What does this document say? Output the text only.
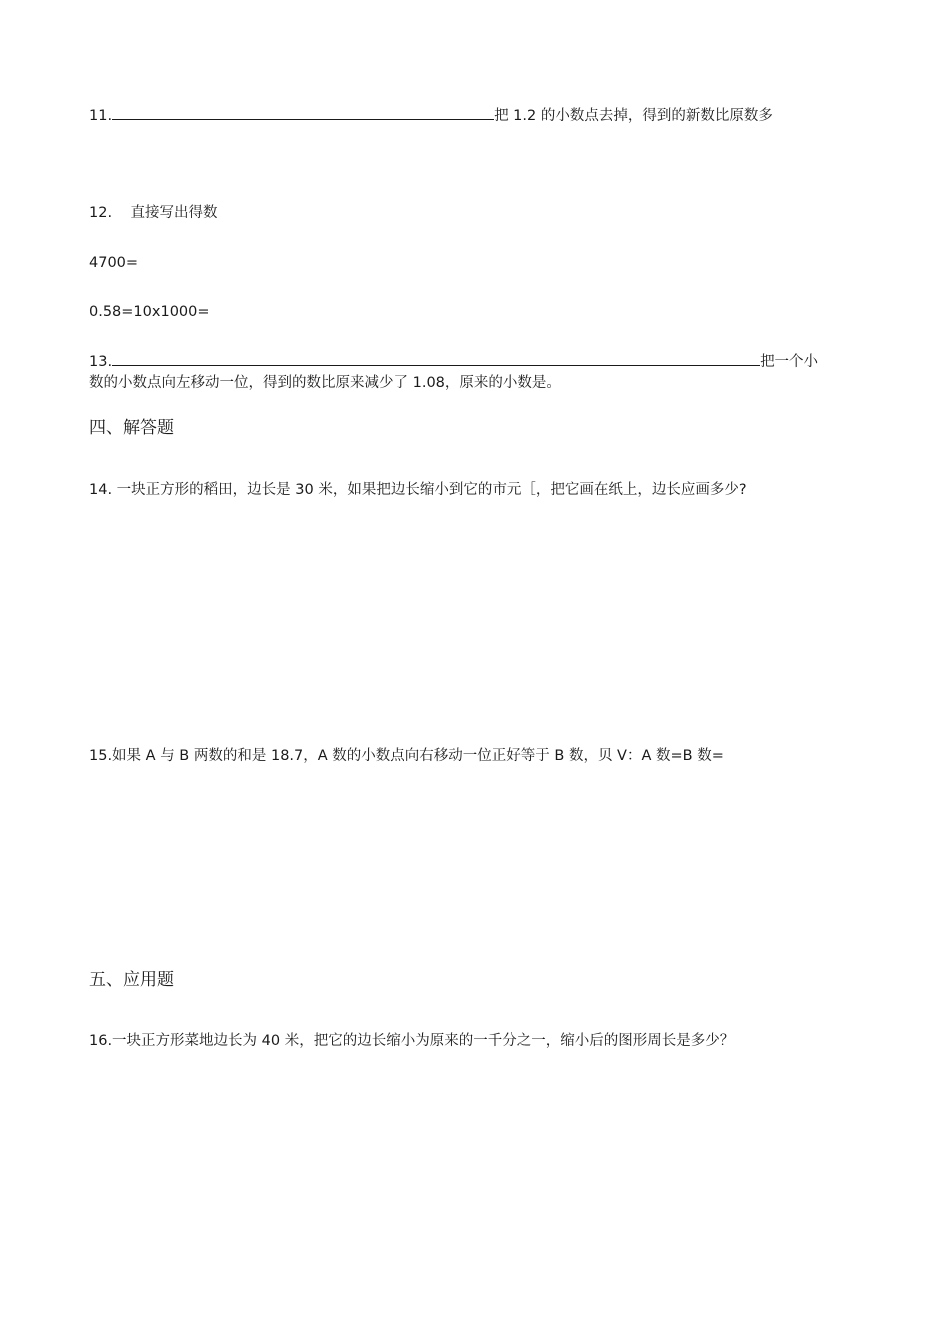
11.	把 1.2 的小数点去掉，得到的新数比原数多
12.    直接写出得数
4700=
0.58=10x1000=
13.	把一个小
数的小数点向左移动一位，得到的数比原来减少了 1.08，原来的小数是。
四、解答题
14. 一块正方形的稻田，边长是 30 米，如果把边长缩小到它的市元［，把它画在纸上，边长应画多少?
15.如果 A 与 B 两数的和是 18.7，A 数的小数点向右移动一位正好等于 B 数，贝 V：A 数=B 数=
五、应用题
16.一块正方形菜地边长为 40 米，把它的边长缩小为原来的一千分之一，缩小后的图形周长是多少？
